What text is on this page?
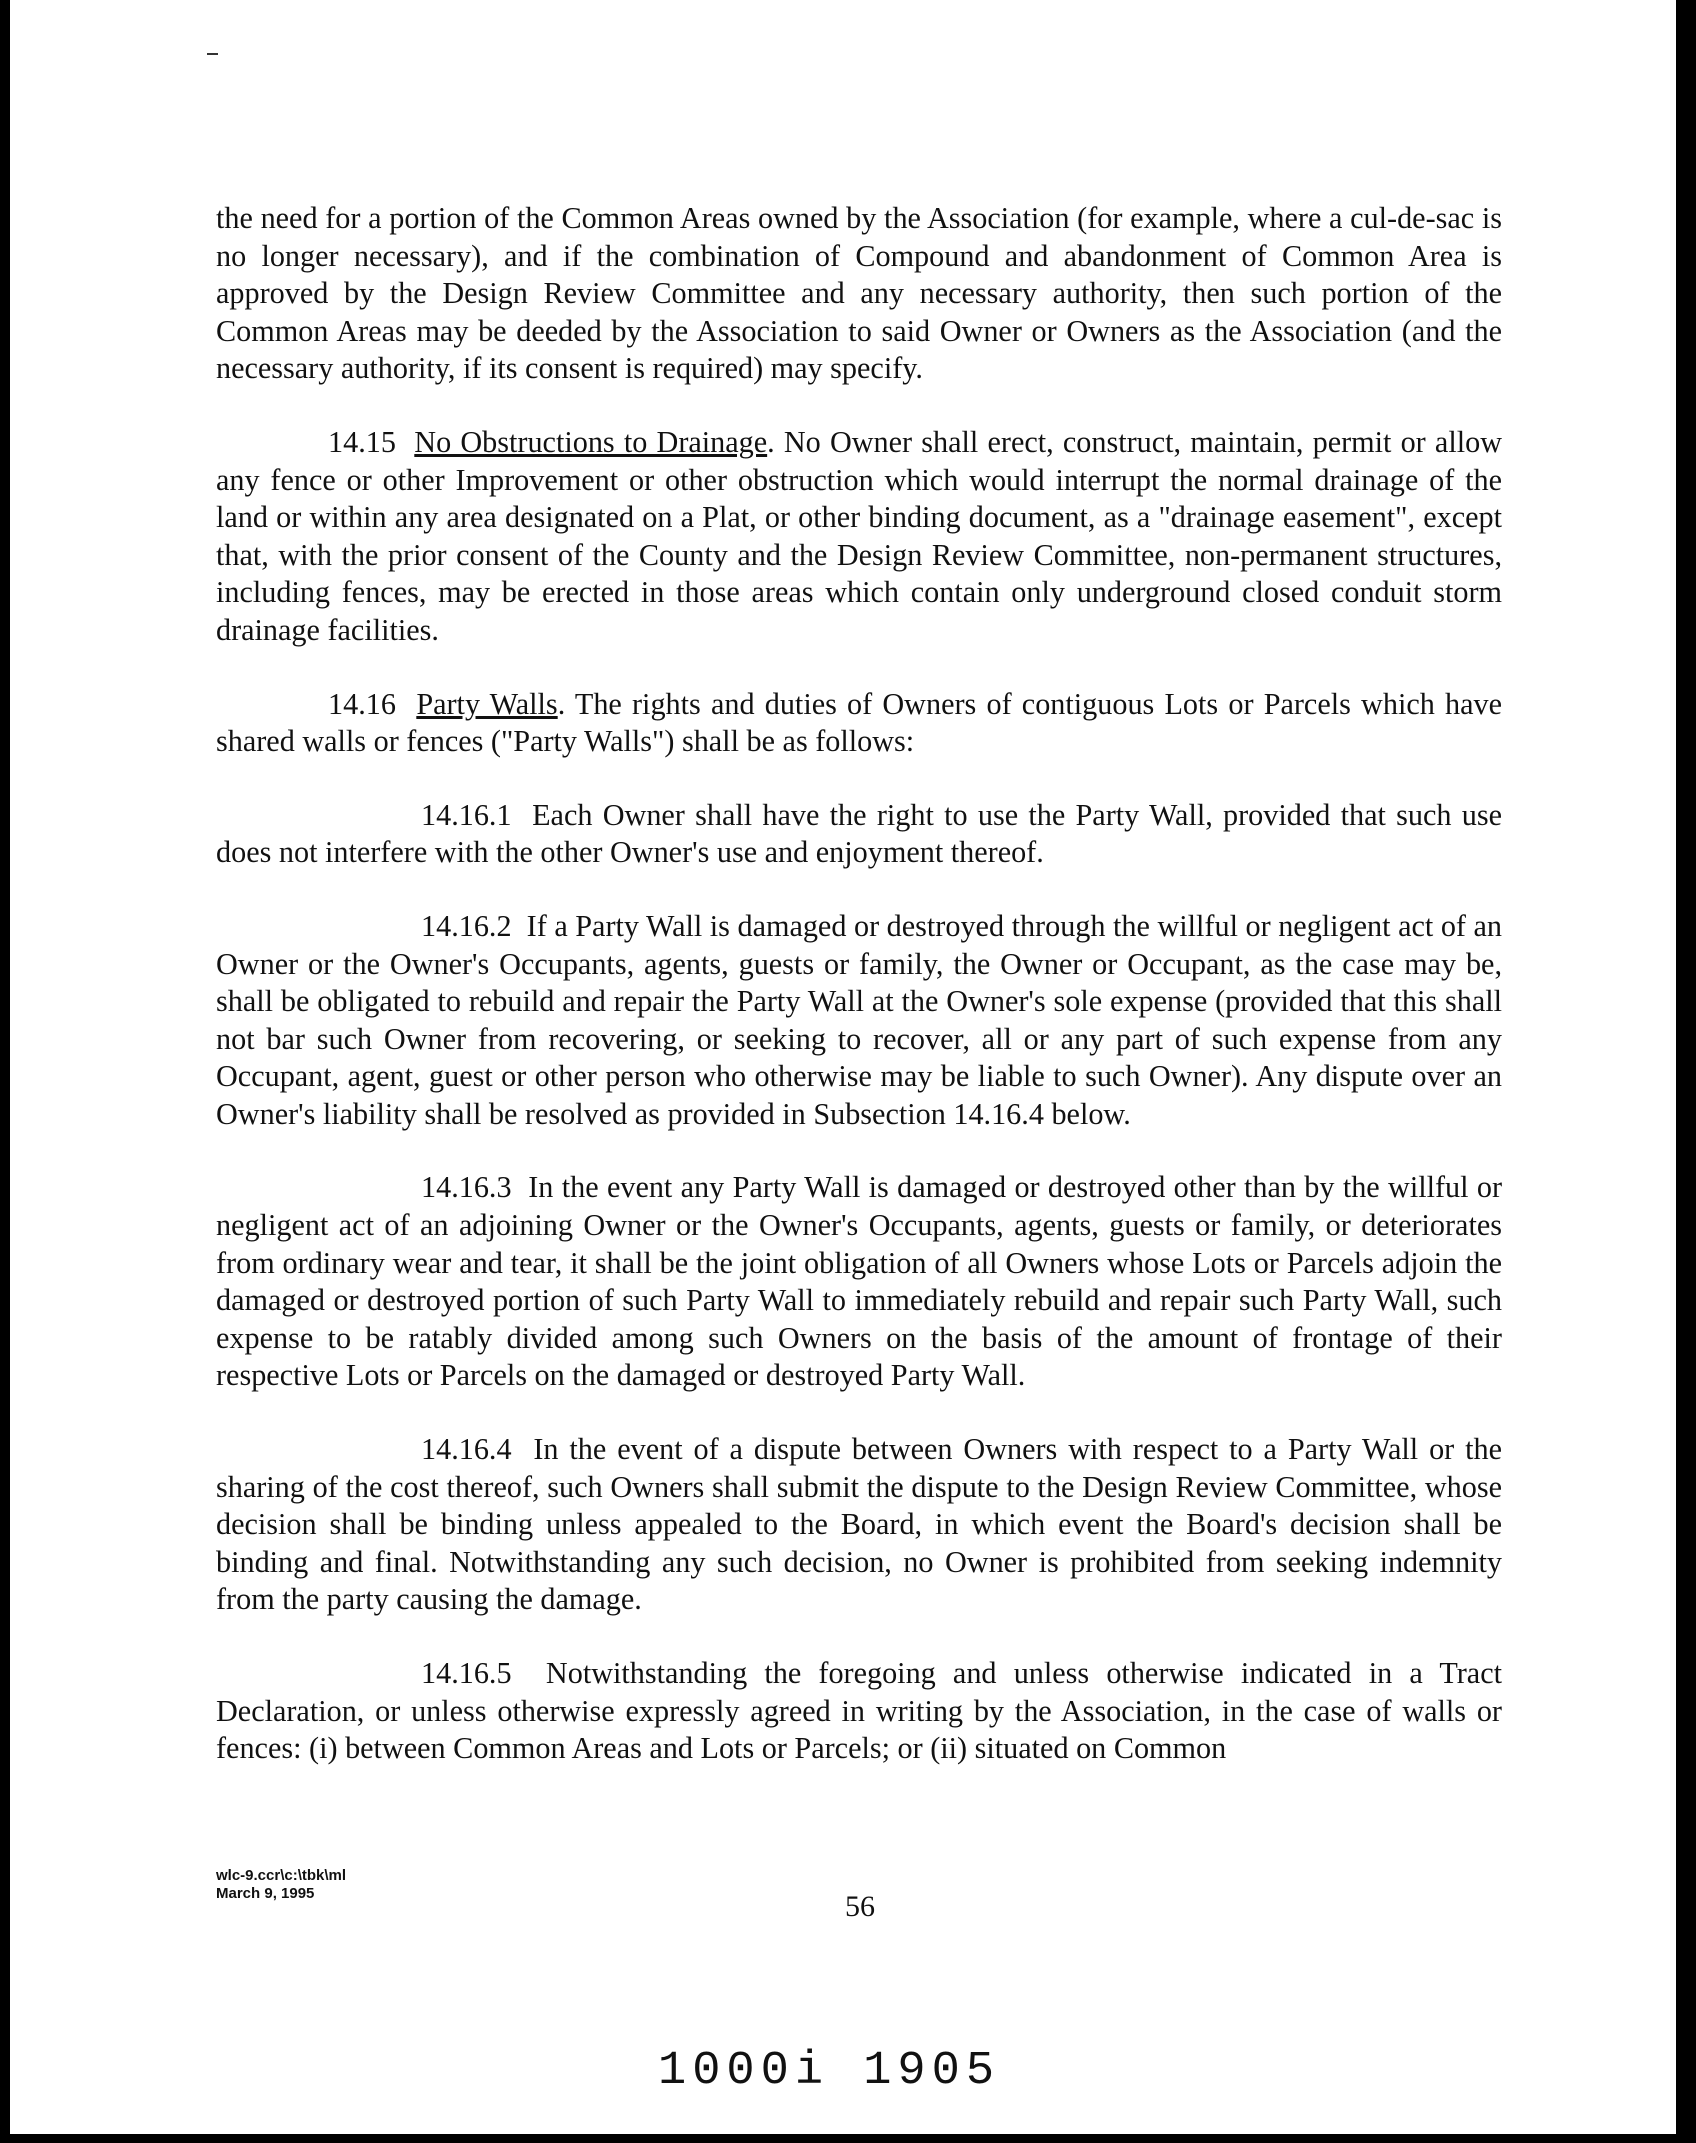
the need for a portion of the Common Areas owned by the Association (for example, where a cul-de-sac is no longer necessary), and if the combination of Compound and abandonment of Common Area is approved by the Design Review Committee and any necessary authority, then such portion of the Common Areas may be deeded by the Association to said Owner or Owners as the Association (and the necessary authority, if its consent is required) may specify.

14.15 No Obstructions to Drainage. No Owner shall erect, construct, maintain, permit or allow any fence or other Improvement or other obstruction which would interrupt the normal drainage of the land or within any area designated on a Plat, or other binding document, as a "drainage easement", except that, with the prior consent of the County and the Design Review Committee, non-permanent structures, including fences, may be erected in those areas which contain only underground closed conduit storm drainage facilities.

14.16 Party Walls. The rights and duties of Owners of contiguous Lots or Parcels which have shared walls or fences ("Party Walls") shall be as follows:

14.16.1 Each Owner shall have the right to use the Party Wall, provided that such use does not interfere with the other Owner's use and enjoyment thereof.

14.16.2 If a Party Wall is damaged or destroyed through the willful or negligent act of an Owner or the Owner's Occupants, agents, guests or family, the Owner or Occupant, as the case may be, shall be obligated to rebuild and repair the Party Wall at the Owner's sole expense (provided that this shall not bar such Owner from recovering, or seeking to recover, all or any part of such expense from any Occupant, agent, guest or other person who otherwise may be liable to such Owner). Any dispute over an Owner's liability shall be resolved as provided in Subsection 14.16.4 below.

14.16.3 In the event any Party Wall is damaged or destroyed other than by the willful or negligent act of an adjoining Owner or the Owner's Occupants, agents, guests or family, or deteriorates from ordinary wear and tear, it shall be the joint obligation of all Owners whose Lots or Parcels adjoin the damaged or destroyed portion of such Party Wall to immediately rebuild and repair such Party Wall, such expense to be ratably divided among such Owners on the basis of the amount of frontage of their respective Lots or Parcels on the damaged or destroyed Party Wall.

14.16.4 In the event of a dispute between Owners with respect to a Party Wall or the sharing of the cost thereof, such Owners shall submit the dispute to the Design Review Committee, whose decision shall be binding unless appealed to the Board, in which event the Board's decision shall be binding and final. Notwithstanding any such decision, no Owner is prohibited from seeking indemnity from the party causing the damage.

14.16.5 Notwithstanding the foregoing and unless otherwise indicated in a Tract Declaration, or unless otherwise expressly agreed in writing by the Association, in the case of walls or fences: (i) between Common Areas and Lots or Parcels; or (ii) situated on Common

wlc-9.ccr\c:\tbk\ml
March 9, 1995	56
1000i 1905
